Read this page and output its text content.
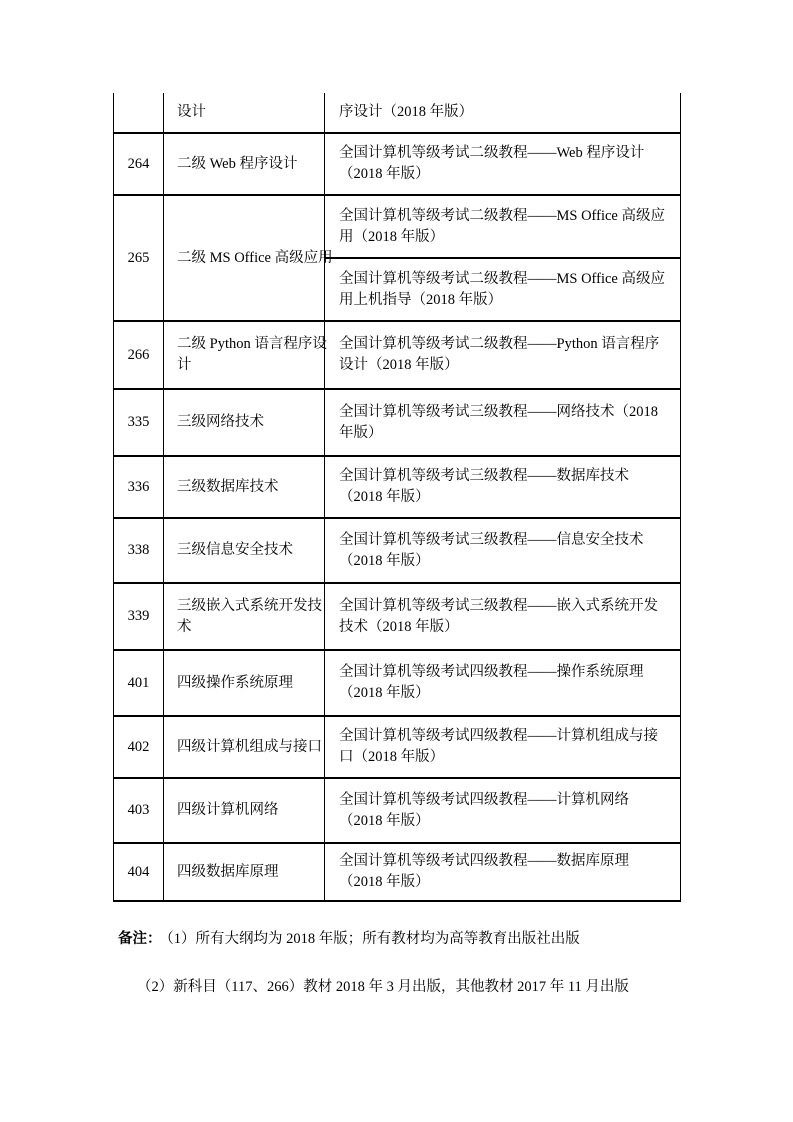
	设计	序设计（2018 年版）
264	二级 Web 程序设计	全国计算机等级考试二级教程——Web 程序设计
（2018 年版）
265	二级 MS Office 高级应用	全国计算机等级考试二级教程——MS Office 高级应
用（2018 年版）
		全国计算机等级考试二级教程——MS Office 高级应
用上机指导（2018 年版）
266	二级 Python 语言程序设
计	全国计算机等级考试二级教程——Python 语言程序
设计（2018 年版）
335	三级网络技术	全国计算机等级考试三级教程——网络技术（2018
年版）
336	三级数据库技术	全国计算机等级考试三级教程——数据库技术
（2018 年版）
338	三级信息安全技术	全国计算机等级考试三级教程——信息安全技术
（2018 年版）
339	三级嵌入式系统开发技
术	全国计算机等级考试三级教程——嵌入式系统开发
技术（2018 年版）
401	四级操作系统原理	全国计算机等级考试四级教程——操作系统原理
（2018 年版）
402	四级计算机组成与接口	全国计算机等级考试四级教程——计算机组成与接
口（2018 年版）
403	四级计算机网络	全国计算机等级考试四级教程——计算机网络
（2018 年版）
404	四级数据库原理	全国计算机等级考试四级教程——数据库原理
（2018 年版）
备注： （1）所有大纲均为 2018 年版；所有教材均为高等教育出版社出版
（2）新科目（117、266）教材 2018 年 3 月出版，其他教材 2017 年 11 月出版
